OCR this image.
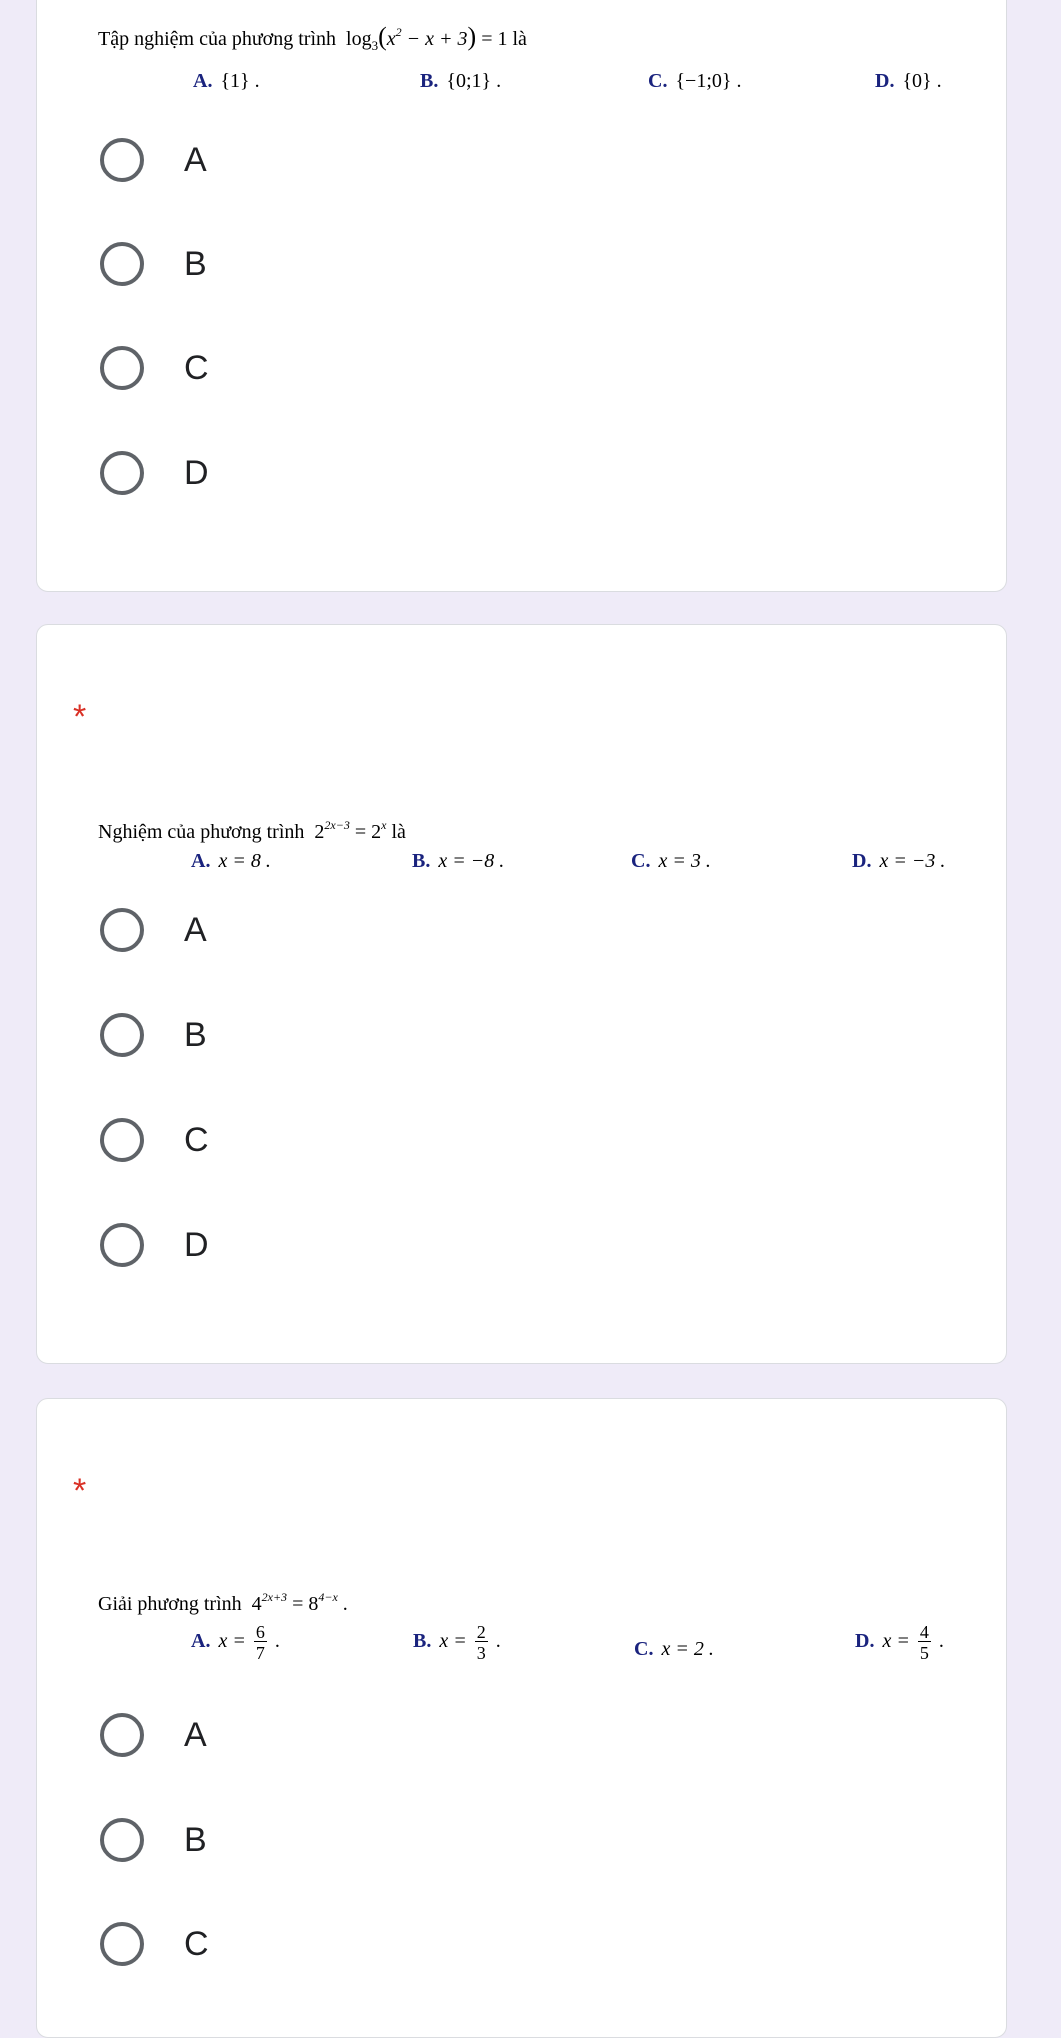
Tập nghiệm của phương trình $\log_3(x^2 - x + 3) = 1$ là
A. {1} .	B. {0;1} .	C. {−1;0} .	D. {0} .
A
B
C
D
*
Nghiệm của phương trình $2^{2x-3} = 2^x$ là
A. x = 8 .	B. x = −8 .	C. x = 3 .	D. x = −3 .
A
B
C
D
*
Giải phương trình $4^{2x+3} = 8^{4-x}$ .
A. $x = \frac{6}{7}$ .	B. $x = \frac{2}{3}$ .	C. x = 2 .	D. $x = \frac{4}{5}$ .
A
B
C
